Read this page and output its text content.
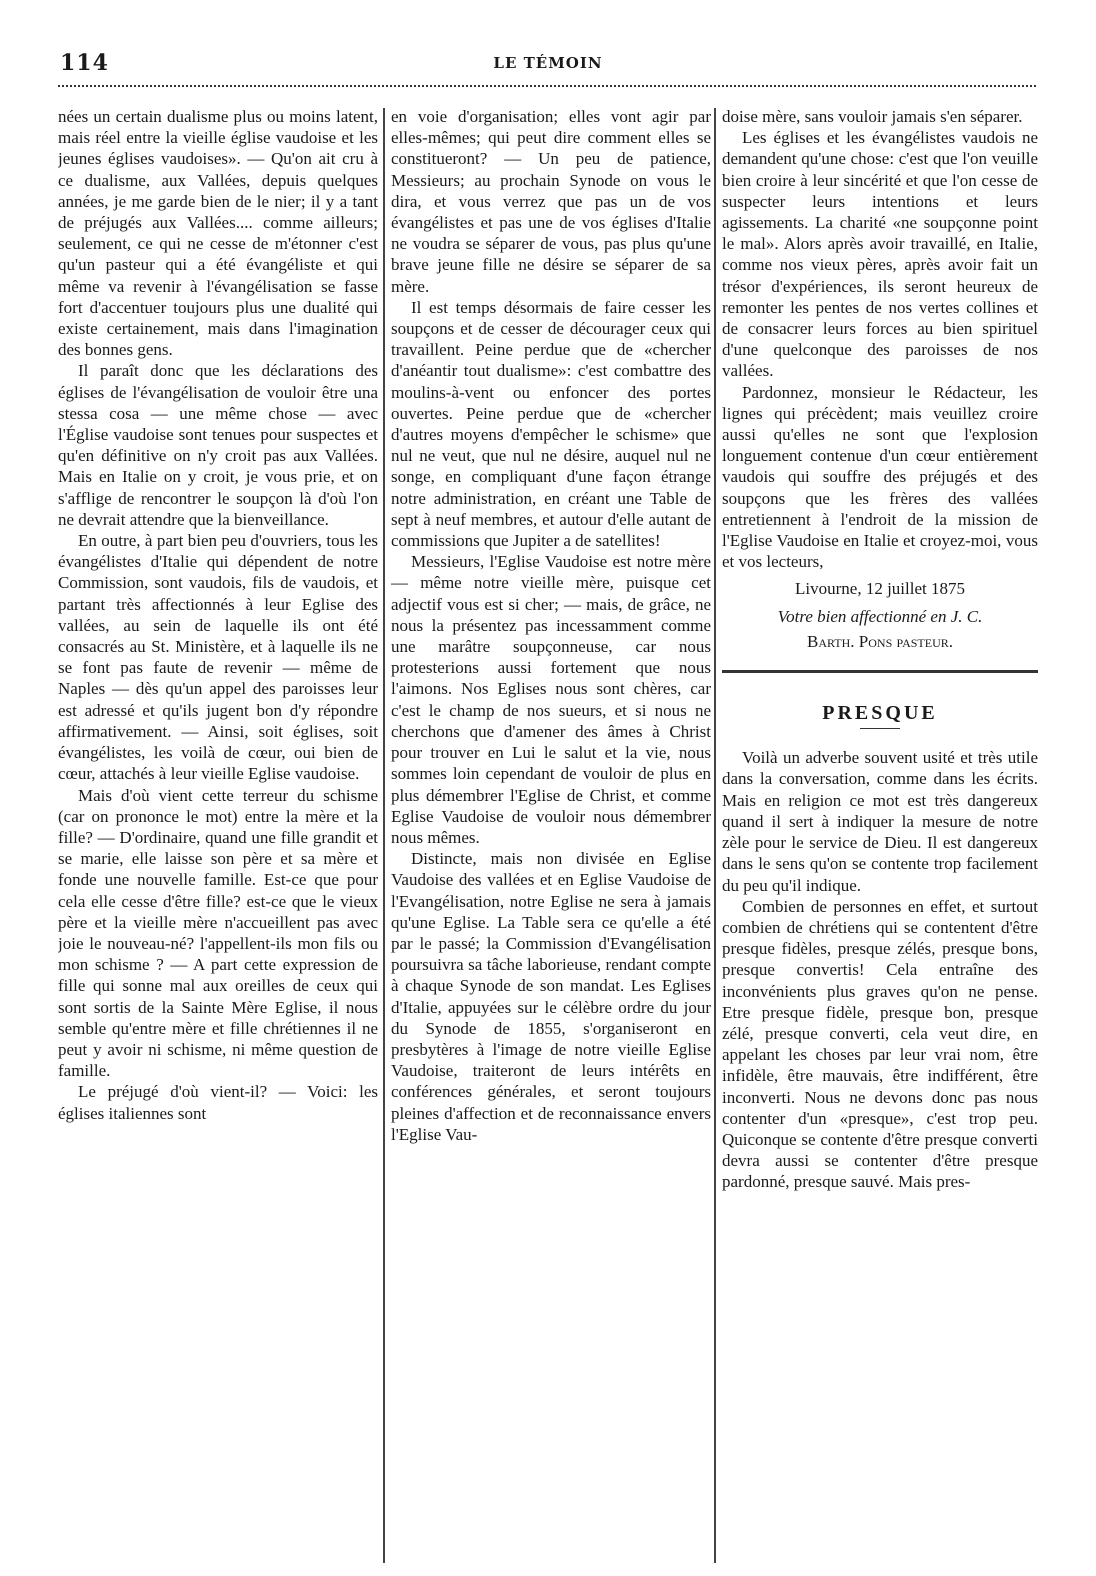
114	LE TÉMOIN

nées un certain dualisme plus ou moins latent, mais réel entre la vieille église vaudoise et les jeunes églises vaudoises». — Qu'on ait cru à ce dualisme, aux Vallées, depuis quelques années, je me garde bien de le nier; il y a tant de préjugés aux Vallées.... comme ailleurs; seulement, ce qui ne cesse de m'étonner c'est qu'un pasteur qui a été évangéliste et qui même va revenir à l'évangélisation se fasse fort d'accentuer toujours plus une dualité qui existe certainement, mais dans l'imagination des bonnes gens.

Il paraît donc que les déclarations des églises de l'évangélisation de vouloir être una stessa cosa — une même chose — avec l'Église vaudoise sont tenues pour suspectes et qu'en définitive on n'y croit pas aux Vallées. Mais en Italie on y croit, je vous prie, et on s'afflige de rencontrer le soupçon là d'où l'on ne devrait attendre que la bienveillance.

En outre, à part bien peu d'ouvriers, tous les évangélistes d'Italie qui dépendent de notre Commission, sont vaudois, fils de vaudois, et partant très affectionnés à leur Eglise des vallées, au sein de laquelle ils ont été consacrés au St. Ministère, et à laquelle ils ne se font pas faute de revenir — même de Naples — dès qu'un appel des paroisses leur est adressé et qu'ils jugent bon d'y répondre affirmativement. — Ainsi, soit églises, soit évangélistes, les voilà de cœur, oui bien de cœur, attachés à leur vieille Eglise vaudoise.

Mais d'où vient cette terreur du schisme (car on prononce le mot) entre la mère et la fille? — D'ordinaire, quand une fille grandit et se marie, elle laisse son père et sa mère et fonde une nouvelle famille. Est-ce que pour cela elle cesse d'être fille? est-ce que le vieux père et la vieille mère n'accueillent pas avec joie le nouveau-né? l'appellent-ils mon fils ou mon schisme ? — A part cette expression de fille qui sonne mal aux oreilles de ceux qui sont sortis de la Sainte Mère Eglise, il nous semble qu'entre mère et fille chrétiennes il ne peut y avoir ni schisme, ni même question de famille.

Le préjugé d'où vient-il? — Voici: les églises italiennes sont

en voie d'organisation; elles vont agir par elles-mêmes; qui peut dire comment elles se constitueront? — Un peu de patience, Messieurs; au prochain Synode on vous le dira, et vous verrez que pas un de vos évangélistes et pas une de vos églises d'Italie ne voudra se séparer de vous, pas plus qu'une brave jeune fille ne désire se séparer de sa mère.

Il est temps désormais de faire cesser les soupçons et de cesser de décourager ceux qui travaillent. Peine perdue que de «chercher d'anéantir tout dualisme»: c'est combattre des moulins-à-vent ou enfoncer des portes ouvertes. Peine perdue que de «chercher d'autres moyens d'empêcher le schisme» que nul ne veut, que nul ne désire, auquel nul ne songe, en compliquant d'une façon étrange notre administration, en créant une Table de sept à neuf membres, et autour d'elle autant de commissions que Jupiter a de satellites!

Messieurs, l'Eglise Vaudoise est notre mère — même notre vieille mère, puisque cet adjectif vous est si cher; — mais, de grâce, ne nous la présentez pas incessamment comme une marâtre soupçonneuse, car nous protesterions aussi fortement que nous l'aimons. Nos Eglises nous sont chères, car c'est le champ de nos sueurs, et si nous ne cherchons que d'amener des âmes à Christ pour trouver en Lui le salut et la vie, nous sommes loin cependant de vouloir de plus en plus démembrer l'Eglise de Christ, et comme Eglise Vaudoise de vouloir nous démembrer nous mêmes.

Distincte, mais non divisée en Eglise Vaudoise des vallées et en Eglise Vaudoise de l'Evangélisation, notre Eglise ne sera à jamais qu'une Eglise. La Table sera ce qu'elle a été par le passé; la Commission d'Evangélisation poursuivra sa tâche laborieuse, rendant compte à chaque Synode de son mandat. Les Eglises d'Italie, appuyées sur le célèbre ordre du jour du Synode de 1855, s'organiseront en presbytères à l'image de notre vieille Eglise Vaudoise, traiteront de leurs intérêts en conférences générales, et seront toujours pleines d'affection et de reconnaissance envers l'Eglise Vau-

doise mère, sans vouloir jamais s'en séparer.

Les églises et les évangélistes vaudois ne demandent qu'une chose: c'est que l'on veuille bien croire à leur sincérité et que l'on cesse de suspecter leurs intentions et leurs agissements. La charité «ne soupçonne point le mal». Alors après avoir travaillé, en Italie, comme nos vieux pères, après avoir fait un trésor d'expériences, ils seront heureux de remonter les pentes de nos vertes collines et de consacrer leurs forces au bien spirituel d'une quelconque des paroisses de nos vallées.

Pardonnez, monsieur le Rédacteur, les lignes qui précèdent; mais veuillez croire aussi qu'elles ne sont que l'explosion longuement contenue d'un cœur entièrement vaudois qui souffre des préjugés et des soupçons que les frères des vallées entretiennent à l'endroit de la mission de l'Eglise Vaudoise en Italie et croyez-moi, vous et vos lecteurs,

Livourne, 12 juillet 1875
Votre bien affectionné en J. C.
Barth. Pons pasteur.
PRESQUE

Voilà un adverbe souvent usité et très utile dans la conversation, comme dans les écrits. Mais en religion ce mot est très dangereux quand il sert à indiquer la mesure de notre zèle pour le service de Dieu. Il est dangereux dans le sens qu'on se contente trop facilement du peu qu'il indique.

Combien de personnes en effet, et surtout combien de chrétiens qui se contentent d'être presque fidèles, presque zélés, presque bons, presque convertis! Cela entraîne des inconvénients plus graves qu'on ne pense. Etre presque fidèle, presque bon, presque zélé, presque converti, cela veut dire, en appelant les choses par leur vrai nom, être infidèle, être mauvais, être indifférent, être inconverti. Nous ne devons donc pas nous contenter d'un «presque», c'est trop peu. Quiconque se contente d'être presque converti devra aussi se contenter d'être presque pardonné, presque sauvé. Mais pres-
